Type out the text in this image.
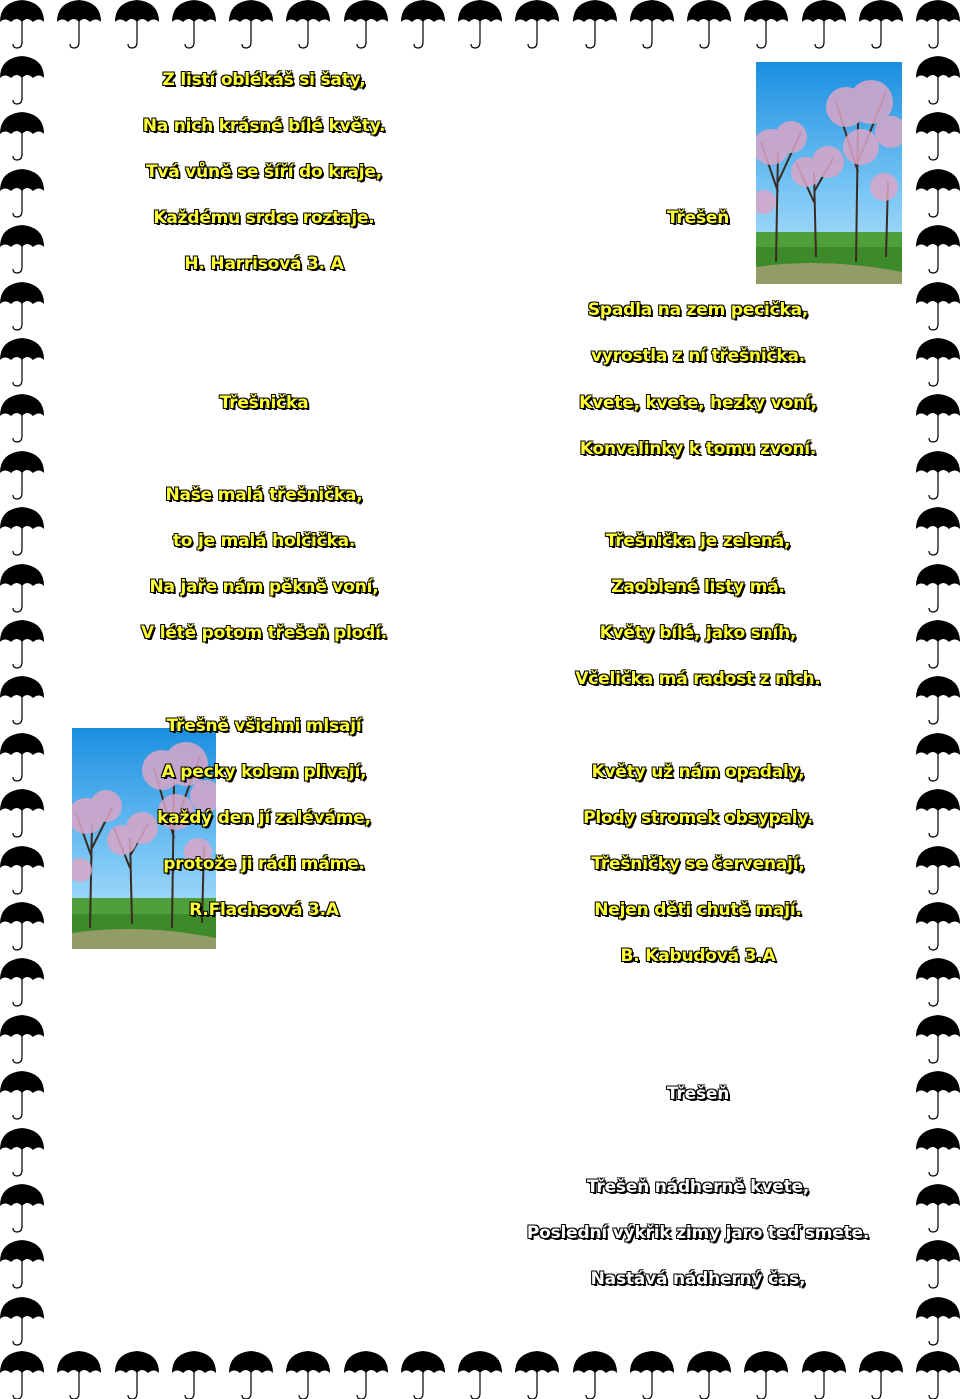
Z listí oblékáš si šaty,
Na nich krásné bílé květy.
Tvá vůně se šíří do kraje,
Každému srdce roztaje.
H. Harrisová 3. A
Třešnička
Naše malá třešnička,
to je malá holčička.
Na jaře nám pěkně voní,
V létě potom třešeň plodí.
Třešně všichni mlsají
A pecky kolem plivají,
každý den jí zaléváme,
protože ji rádi máme.
R.Flachsová 3.A
Třešeň
Spadla na zem pecička,
vyrostla z ní třešnička.
Kvete, kvete, hezky voní,
Konvalinky k tomu zvoní.
Třešnička je zelená,
Zaoblené listy má.
Květy bílé, jako sníh,
Včelička má radost z nich.
Květy už nám opadaly,
Plody stromek obsypaly.
Třešničky se červenají,
Nejen děti chutě mají.
B. Kabuďová 3.A
Třešeň
Třešeň nádherně kvete,
Poslední výkřik zimy jaro teď smete.
Nastává nádherný čas,
